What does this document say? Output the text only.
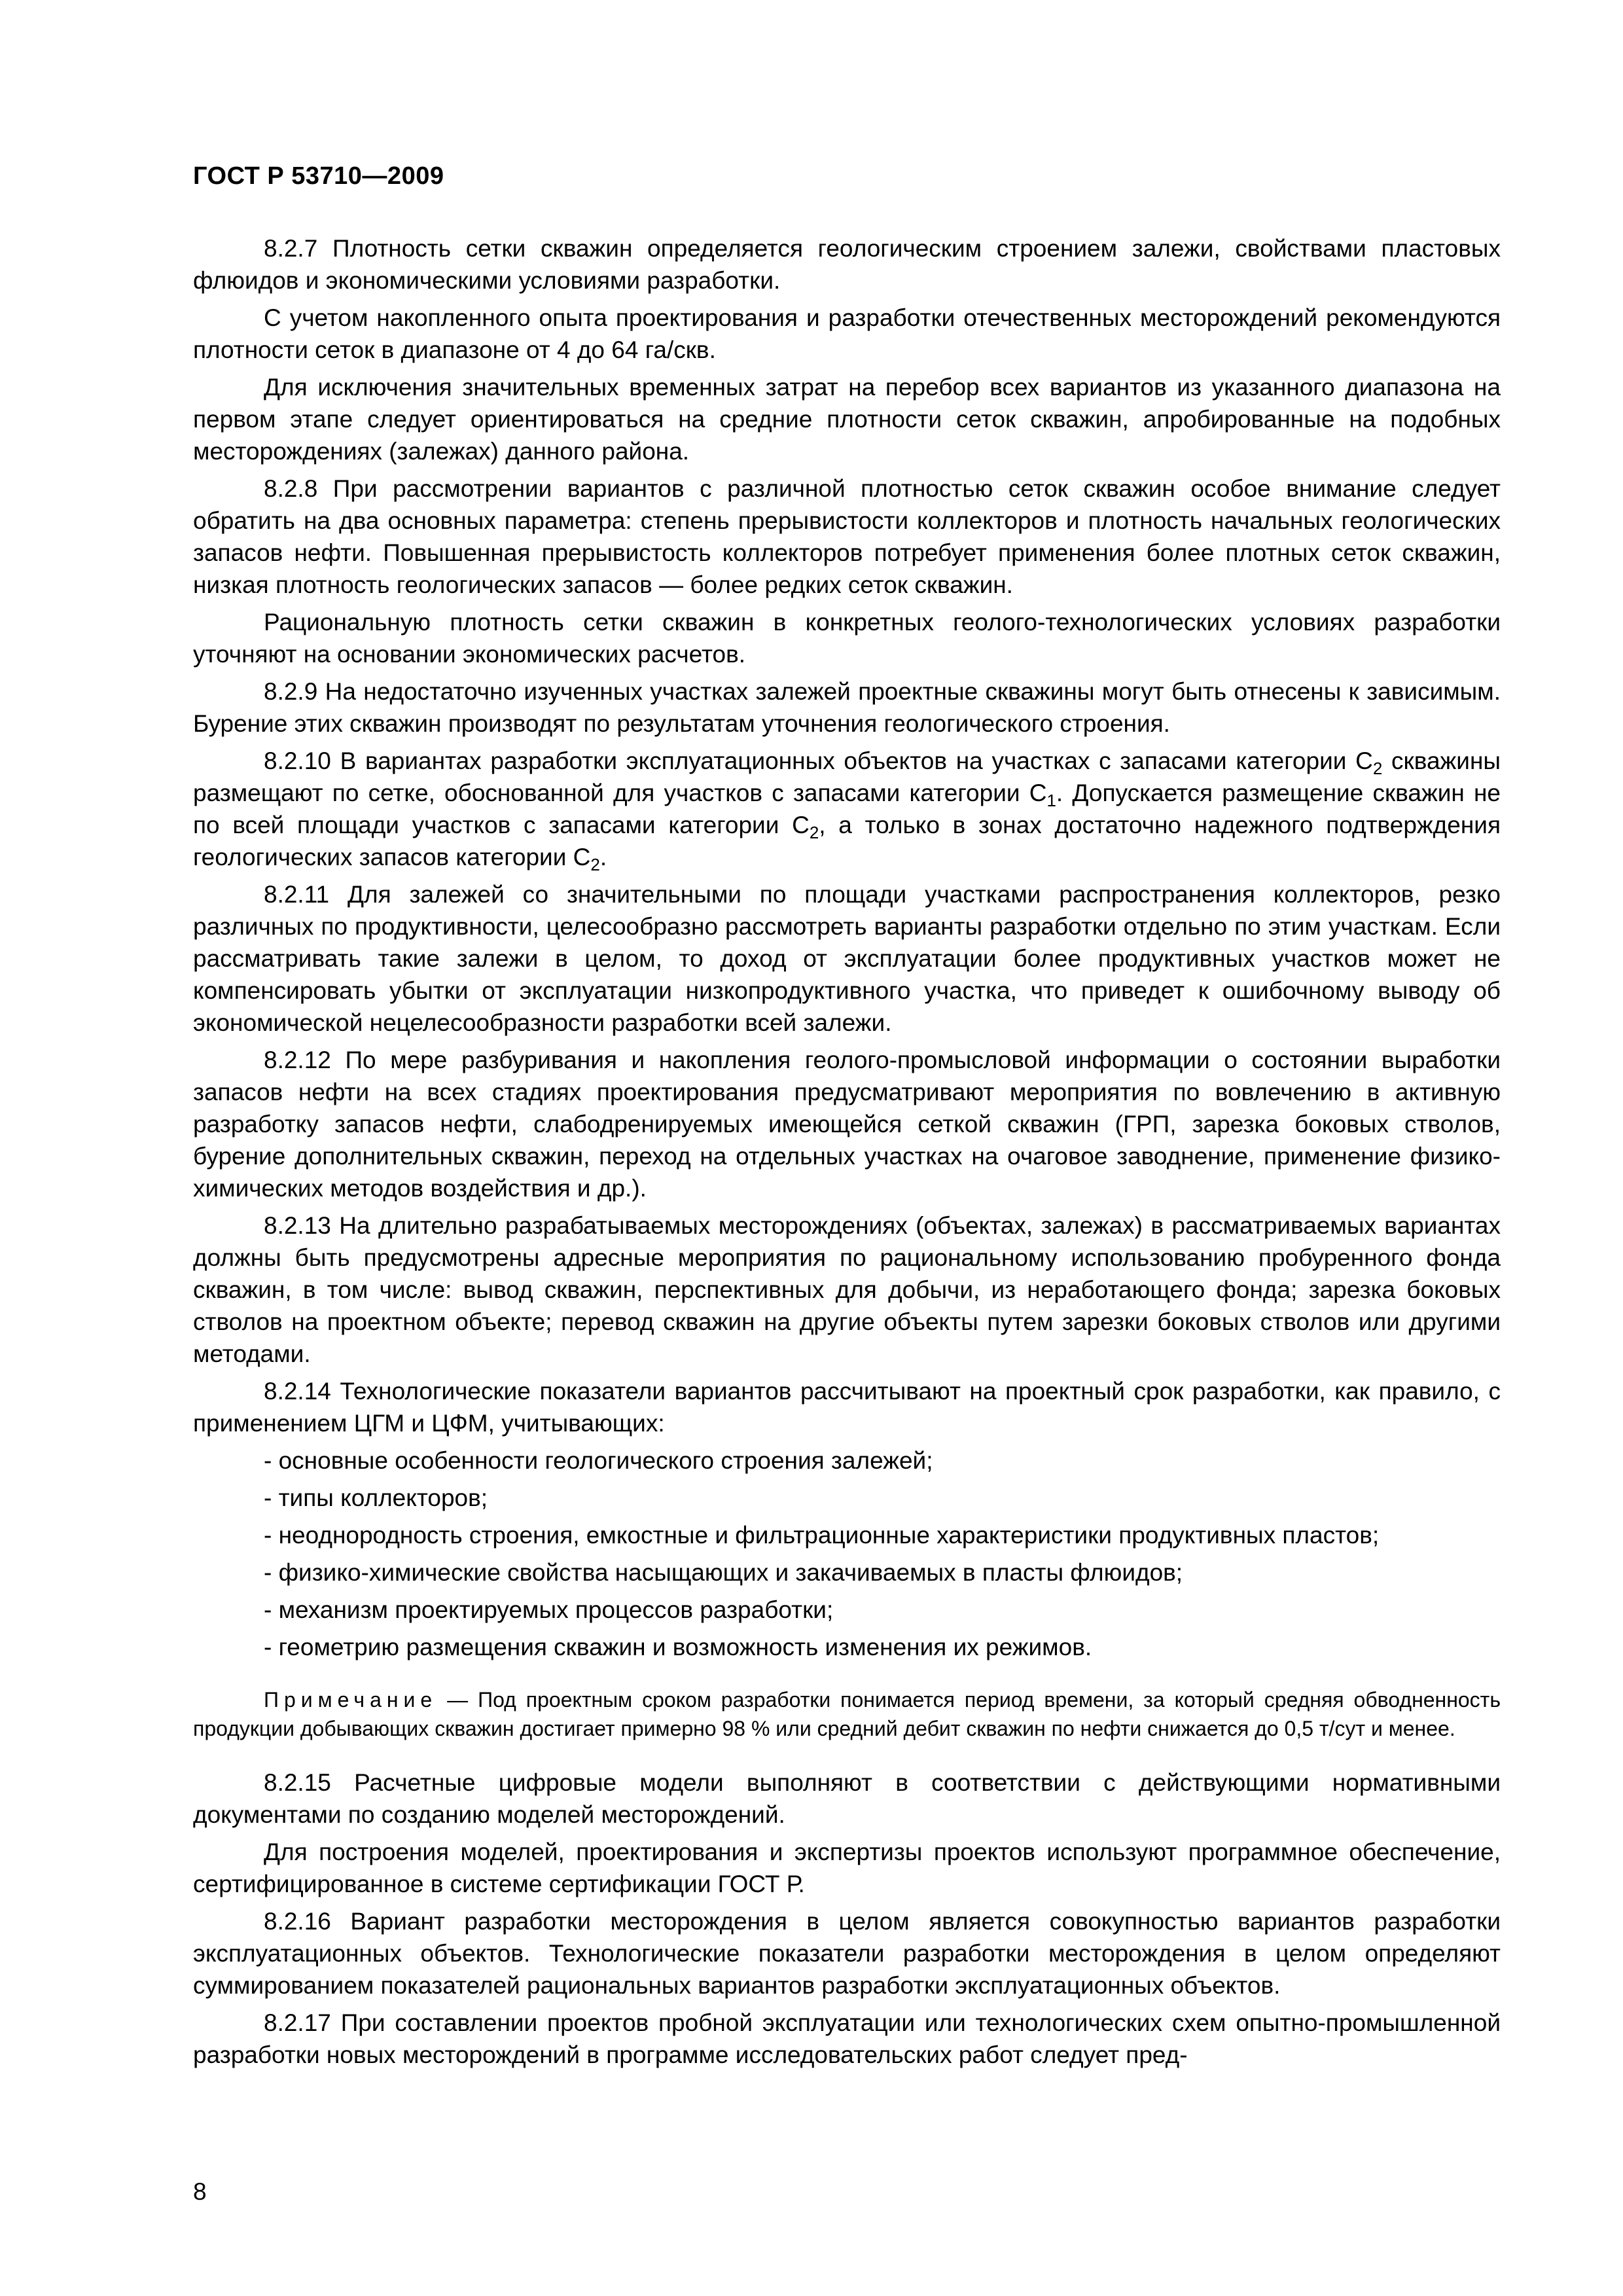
ГОСТ Р 53710—2009

8.2.7 Плотность сетки скважин определяется геологическим строением залежи, свойствами пластовых флюидов и экономическими условиями разработки.

С учетом накопленного опыта проектирования и разработки отечественных месторождений рекомендуются плотности сеток в диапазоне от 4 до 64 га/скв.

Для исключения значительных временных затрат на перебор всех вариантов из указанного диапазона на первом этапе следует ориентироваться на средние плотности сеток скважин, апробированные на подобных месторождениях (залежах) данного района.

8.2.8 При рассмотрении вариантов с различной плотностью сеток скважин особое внимание следует обратить на два основных параметра: степень прерывистости коллекторов и плотность начальных геологических запасов нефти. Повышенная прерывистость коллекторов потребует применения более плотных сеток скважин, низкая плотность геологических запасов — более редких сеток скважин.

Рациональную плотность сетки скважин в конкретных геолого-технологических условиях разработки уточняют на основании экономических расчетов.

8.2.9 На недостаточно изученных участках залежей проектные скважины могут быть отнесены к зависимым. Бурение этих скважин производят по результатам уточнения геологического строения.

8.2.10 В вариантах разработки эксплуатационных объектов на участках с запасами категории $С_2$ скважины размещают по сетке, обоснованной для участков с запасами категории $С_1$. Допускается размещение скважин не по всей площади участков с запасами категории $С_2$, а только в зонах достаточно надежного подтверждения геологических запасов категории $С_2$.

8.2.11 Для залежей со значительными по площади участками распространения коллекторов, резко различных по продуктивности, целесообразно рассмотреть варианты разработки отдельно по этим участкам. Если рассматривать такие залежи в целом, то доход от эксплуатации более продуктивных участков может не компенсировать убытки от эксплуатации низкопродуктивного участка, что приведет к ошибочному выводу об экономической нецелесообразности разработки всей залежи.

8.2.12 По мере разбуривания и накопления геолого-промысловой информации о состоянии выработки запасов нефти на всех стадиях проектирования предусматривают мероприятия по вовлечению в активную разработку запасов нефти, слабодренируемых имеющейся сеткой скважин (ГРП, зарезка боковых стволов, бурение дополнительных скважин, переход на отдельных участках на очаговое заводнение, применение физико-химических методов воздействия и др.).

8.2.13 На длительно разрабатываемых месторождениях (объектах, залежах) в рассматриваемых вариантах должны быть предусмотрены адресные мероприятия по рациональному использованию пробуренного фонда скважин, в том числе: вывод скважин, перспективных для добычи, из неработающего фонда; зарезка боковых стволов на проектном объекте; перевод скважин на другие объекты путем зарезки боковых стволов или другими методами.

8.2.14 Технологические показатели вариантов рассчитывают на проектный срок разработки, как правило, с применением ЦГМ и ЦФМ, учитывающих:

- основные особенности геологического строения залежей;

- типы коллекторов;

- неоднородность строения, емкостные и фильтрационные характеристики продуктивных пластов;

- физико-химические свойства насыщающих и закачиваемых в пласты флюидов;

- механизм проектируемых процессов разработки;

- геометрию размещения скважин и возможность изменения их режимов.

Примечание — Под проектным сроком разработки понимается период времени, за который средняя обводненность продукции добывающих скважин достигает примерно 98 % или средний дебит скважин по нефти снижается до 0,5 т/сут и менее.

8.2.15 Расчетные цифровые модели выполняют в соответствии с действующими нормативными документами по созданию моделей месторождений.

Для построения моделей, проектирования и экспертизы проектов используют программное обеспечение, сертифицированное в системе сертификации ГОСТ Р.

8.2.16 Вариант разработки месторождения в целом является совокупностью вариантов разработки эксплуатационных объектов. Технологические показатели разработки месторождения в целом определяют суммированием показателей рациональных вариантов разработки эксплуатационных объектов.

8.2.17 При составлении проектов пробной эксплуатации или технологических схем опытно-промышленной разработки новых месторождений в программе исследовательских работ следует пред-

8
